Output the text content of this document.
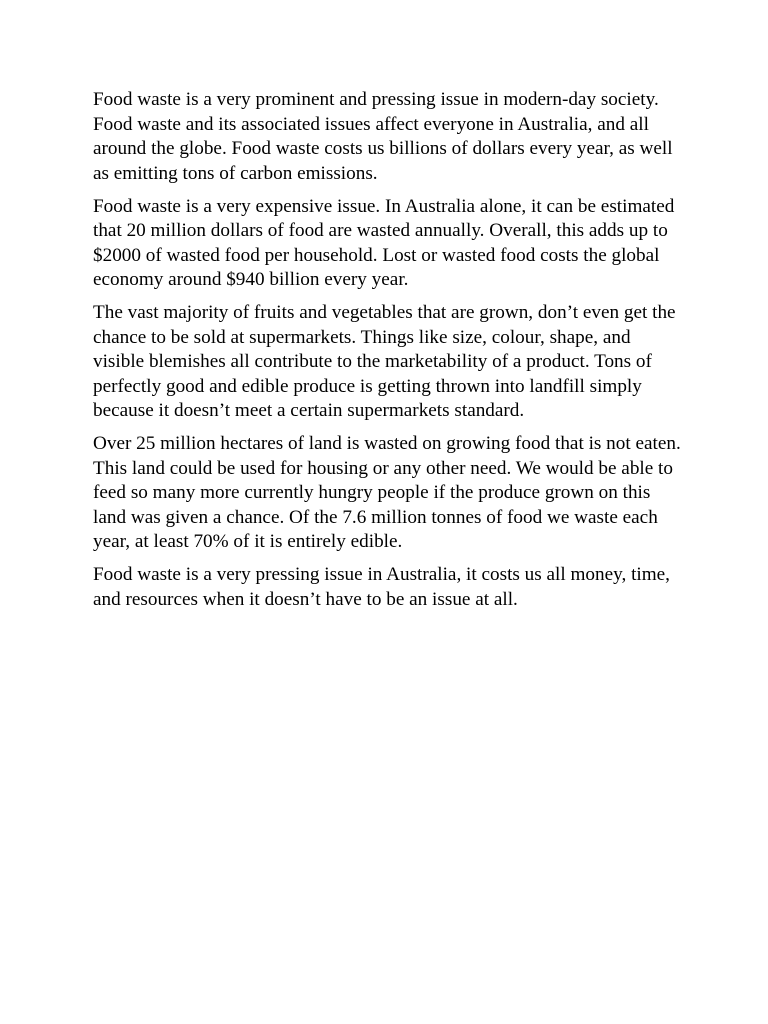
Food waste is a very prominent and pressing issue in modern-day society. Food waste and its associated issues affect everyone in Australia, and all around the globe. Food waste costs us billions of dollars every year, as well as emitting tons of carbon emissions.

Food waste is a very expensive issue. In Australia alone, it can be estimated that 20 million dollars of food are wasted annually. Overall, this adds up to $2000 of wasted food per household. Lost or wasted food costs the global economy around $940 billion every year.

The vast majority of fruits and vegetables that are grown, don’t even get the chance to be sold at supermarkets. Things like size, colour, shape, and visible blemishes all contribute to the marketability of a product. Tons of perfectly good and edible produce is getting thrown into landfill simply because it doesn’t meet a certain supermarkets standard.

Over 25 million hectares of land is wasted on growing food that is not eaten. This land could be used for housing or any other need. We would be able to feed so many more currently hungry people if the produce grown on this land was given a chance. Of the 7.6 million tonnes of food we waste each year, at least 70% of it is entirely edible.

Food waste is a very pressing issue in Australia, it costs us all money, time, and resources when it doesn’t have to be an issue at all.
